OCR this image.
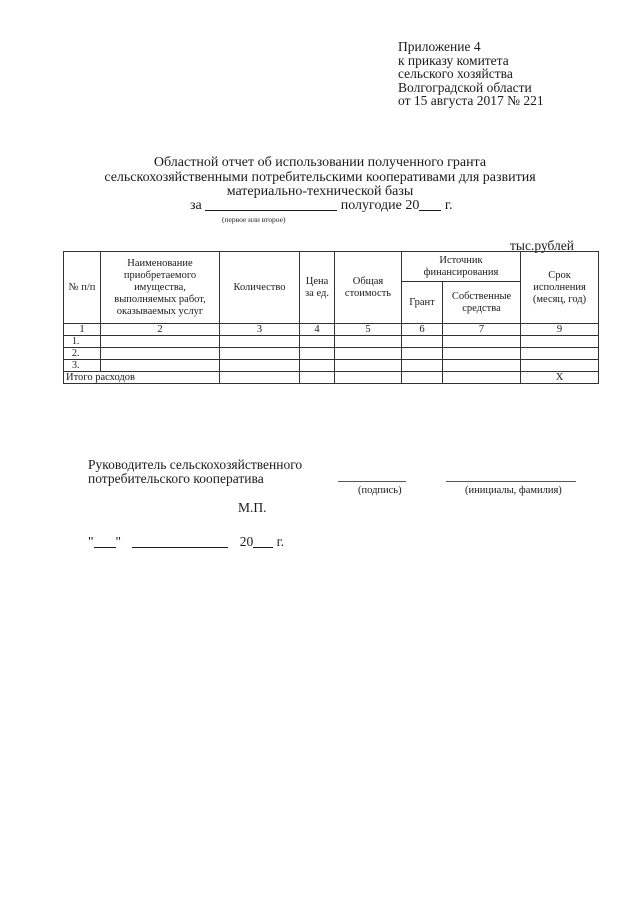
Приложение 4
к приказу комитета
сельского хозяйства
Волгоградской области
от 15 августа 2017 № 221
Областной отчет об использовании полученного гранта
сельскохозяйственными потребительскими кооперативами для развития
материально-технической базы
за	полугодие 20 г.
(первое или второе)
тыс.рублей
№ п/п	Наименование приобретаемого имущества, выполняемых работ, оказываемых услуг	Количество	Цена за ед.	Общая стоимость	Источник финансирования		Срок исполнения (месяц, год)
					Грант	Собственные средства	
1	2	3	4	5	6	7	9
1.							
2.							
3.							
Итого расходов							Х
Руководитель сельскохозяйственного
потребительского кооператива
(подпись)	(инициалы, фамилия)
М.П.
" "	20 г.
